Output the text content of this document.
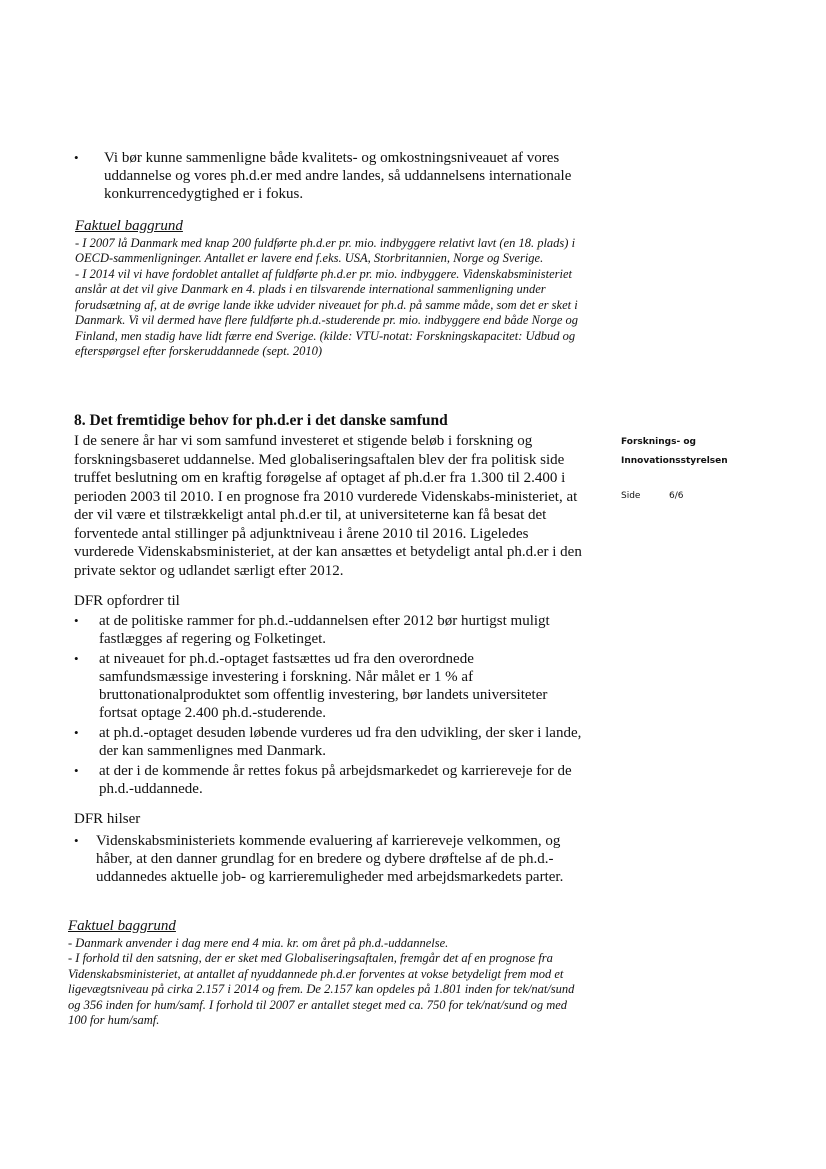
• Vi bør kunne sammenligne både kvalitets- og omkostningsniveauet af vores uddannelse og vores ph.d.er med andre landes, så uddannelsens internationale konkurrencedygtighed er i fokus.
Faktuel baggrund

- I 2007 lå Danmark med knap 200 fuldførte ph.d.er pr. mio. indbyggere relativt lavt (en 18. plads) i OECD-sammenligninger. Antallet er lavere end f.eks. USA, Storbritannien, Norge og Sverige.

- I 2014 vil vi have fordoblet antallet af fuldførte ph.d.er pr. mio. indbyggere. Videnskabsministeriet anslår at det vil give Danmark en 4. plads i en tilsvarende international sammenligning under forudsætning af, at de øvrige lande ikke udvider niveauet for ph.d. på samme måde, som det er sket i Danmark. Vi vil dermed have flere fuldførte ph.d.-studerende pr. mio. indbyggere end både Norge og Finland, men stadig have lidt færre end Sverige. (kilde: VTU-notat: Forskningskapacitet: Udbud og efterspørgsel efter forskeruddannede (sept. 2010)

8. Det fremtidige behov for ph.d.er i det danske samfund
I de senere år har vi som samfund investeret et stigende beløb i forskning og forskningsbaseret uddannelse. Med globaliseringsaftalen blev der fra politisk side truffet beslutning om en kraftig forøgelse af optaget af ph.d.er fra 1.300 til 2.400 i perioden 2003 til 2010. I en prognose fra 2010 vurderede Videnskabs-ministeriet, at der vil være et tilstrækkeligt antal ph.d.er til, at universiteterne kan få besat det forventede antal stillinger på adjunktniveau i årene 2010 til 2016. Ligeledes vurderede Videnskabsministeriet, at der kan ansættes et betydeligt antal ph.d.er i den private sektor og udlandet særligt efter 2012.
Forsknings- og
Innovationsstyrelsen
Side	6/6
DFR opfordrer til
• at de politiske rammer for ph.d.-uddannelsen efter 2012 bør hurtigst muligt fastlægges af regering og Folketinget.
• at niveauet for ph.d.-optaget fastsættes ud fra den overordnede samfundsmæssige investering i forskning. Når målet er 1 % af bruttonationalproduktet som offentlig investering, bør landets universiteter fortsat optage 2.400 ph.d.-studerende.
• at ph.d.-optaget desuden løbende vurderes ud fra den udvikling, der sker i lande, der kan sammenlignes med Danmark.
• at der i de kommende år rettes fokus på arbejdsmarkedet og karriereveje for de ph.d.-uddannede.
DFR hilser
• Videnskabsministeriets kommende evaluering af karriereveje velkommen, og håber, at den danner grundlag for en bredere og dybere drøftelse af de ph.d.-uddannedes aktuelle job- og karrieremuligheder med arbejdsmarkedets parter.
Faktuel baggrund

- Danmark anvender i dag mere end 4 mia. kr. om året på ph.d.-uddannelse.

- I forhold til den satsning, der er sket med Globaliseringsaftalen, fremgår det af en prognose fra Videnskabsministeriet, at antallet af nyuddannede ph.d.er forventes at vokse betydeligt frem mod et ligevægtsniveau på cirka 2.157 i 2014 og frem. De 2.157 kan opdeles på 1.801 inden for tek/nat/sund og 356 inden for hum/samf. I forhold til 2007 er antallet steget med ca. 750 for tek/nat/sund og med 100 for hum/samf.
